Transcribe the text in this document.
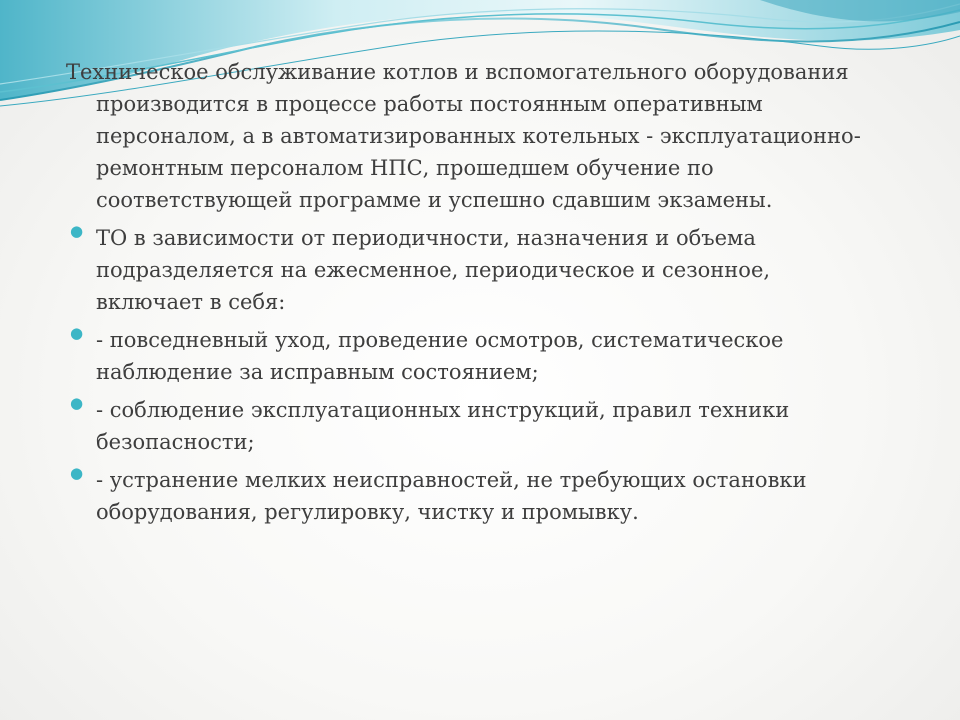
Техническое обслуживание котлов и вспомогательного оборудования производится в процессе работы постоянным оперативным персоналом, а в автоматизированных котельных - эксплуатационно-ремонтным персоналом НПС, прошедшем обучение по соответствующей программе и успешно сдавшим экзамены.

●
ТО в зависимости от периодичности, назначения и объема подразделяется на ежесменное, периодическое и сезонное, включает в себя:
●
- повседневный уход, проведение осмотров, систематическое наблюдение за исправным состоянием;
●
- соблюдение эксплуатационных инструкций, правил техники безопасности;
●
- устранение мелких неисправностей, не требующих остановки оборудования, регулировку, чистку и промывку.
